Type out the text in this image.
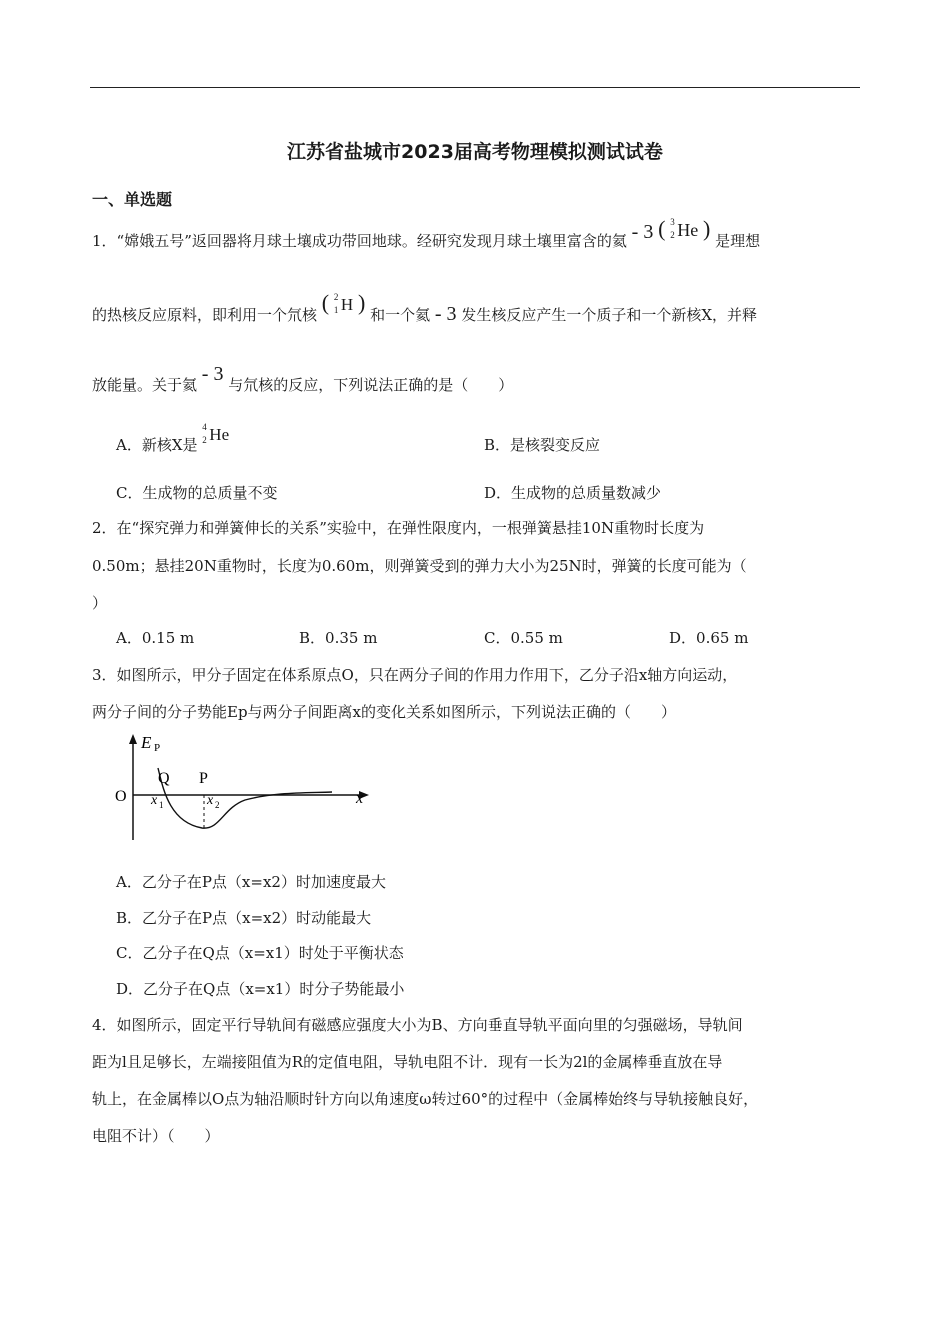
江苏省盐城市2023届高考物理模拟测试试卷
一、单选题
1．“嫦娥五号”返回器将月球土壤成功带回地球。经研究发现月球土壤里富含的氦 - 3 ( 3
2 He ) 是理想
的热核反应原料，即利用一个氘核 ( 2
1 H ) 和一个氦 - 3 发生核反应产生一个质子和一个新核X，并释
放能量。关于氦 - 3 与氘核的反应，下列说法正确的是（　　）
A．新核X是
4
2 He
B．是核裂变反应
C．生成物的总质量不变	D．生成物的总质量数减少
2．在“探究弹力和弹簧伸长的关系”实验中，在弹性限度内，一根弹簧悬挂10N重物时长度为
0.50m；悬挂20N重物时，长度为0.60m，则弹簧受到的弹力大小为25N时，弹簧的长度可能为（
）
A．0.15 m	B．0.35 m	C．0.55 m	D．0.65 m
3．如图所示，甲分子固定在体系原点O，只在两分子间的作用力作用下，乙分子沿x轴方向运动，
两分子间的分子势能Ep与两分子间距离x的变化关系如图所示，下列说法正确的（　　）
E P
O	x
Q P
x 1	x 2
A．乙分子在P点（x=x2）时加速度最大
B．乙分子在P点（x=x2）时动能最大
C．乙分子在Q点（x=x1）时处于平衡状态
D．乙分子在Q点（x=x1）时分子势能最小
4．如图所示，固定平行导轨间有磁感应强度大小为B、方向垂直导轨平面向里的匀强磁场，导轨间
距为l且足够长，左端接阻值为R的定值电阻，导轨电阻不计．现有一长为2l的金属棒垂直放在导
轨上，在金属棒以O点为轴沿顺时针方向以角速度ω转过60°的过程中（金属棒始终与导轨接触良好，
电阻不计）（　　）
